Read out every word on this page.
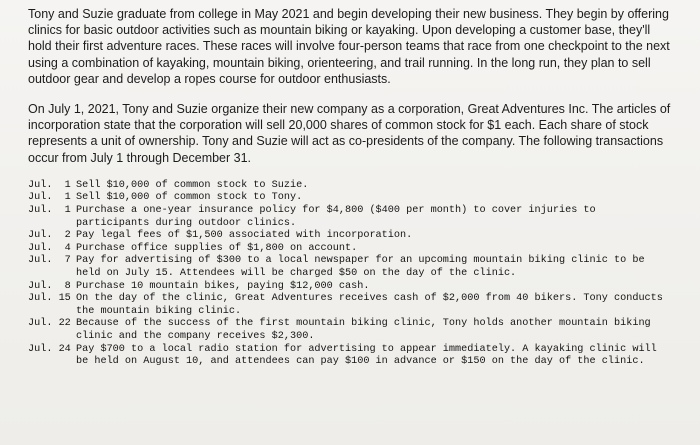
Tony and Suzie graduate from college in May 2021 and begin developing their new business. They begin by offering clinics for basic outdoor activities such as mountain biking or kayaking. Upon developing a customer base, they'll hold their first adventure races. These races will involve four-person teams that race from one checkpoint to the next using a combination of kayaking, mountain biking, orienteering, and trail running. In the long run, they plan to sell outdoor gear and develop a ropes course for outdoor enthusiasts.

On July 1, 2021, Tony and Suzie organize their new company as a corporation, Great Adventures Inc. The articles of incorporation state that the corporation will sell 20,000 shares of common stock for $1 each. Each share of stock represents a unit of ownership. Tony and Suzie will act as co-presidents of the company. The following transactions occur from July 1 through December 31.

Jul.  1 Sell $10,000 of common stock to Suzie.
Jul.  1 Sell $10,000 of common stock to Tony.
Jul.  1 Purchase a one-year insurance policy for $4,800 ($400 per month) to cover injuries to participants during outdoor clinics.
Jul.  2 Pay legal fees of $1,500 associated with incorporation.
Jul.  4 Purchase office supplies of $1,800 on account.
Jul.  7 Pay for advertising of $300 to a local newspaper for an upcoming mountain biking clinic to be held on July 15. Attendees will be charged $50 on the day of the clinic.
Jul.  8 Purchase 10 mountain bikes, paying $12,000 cash.
Jul. 15 On the day of the clinic, Great Adventures receives cash of $2,000 from 40 bikers. Tony conducts the mountain biking clinic.
Jul. 22 Because of the success of the first mountain biking clinic, Tony holds another mountain biking clinic and the company receives $2,300.
Jul. 24 Pay $700 to a local radio station for advertising to appear immediately. A kayaking clinic will be held on August 10, and attendees can pay $100 in advance or $150 on the day of the clinic.
